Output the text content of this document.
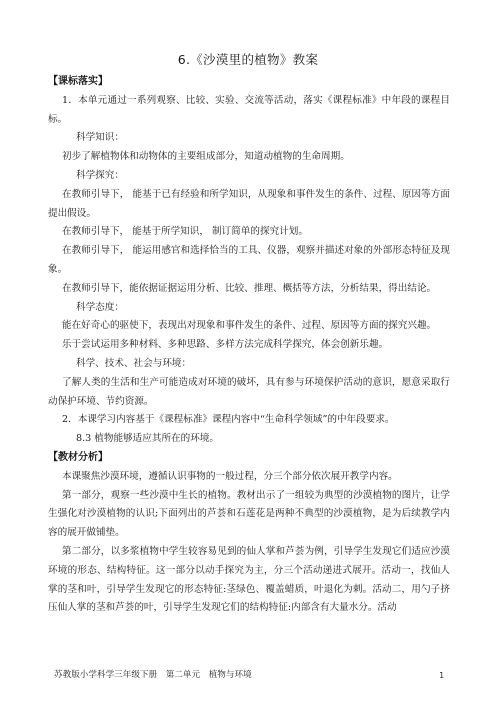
6.《沙漠里的植物》教案
【课标落实】

1．本单元通过一系列观察、比较、实验、交流等活动，落实《课程标准》中年段的课程目标。

科学知识：

初步了解植物体和动物体的主要组成部分，知道动植物的生命周期。

科学探究：

在教师引导下， 能基于已有经验和所学知识，从现象和事件发生的条件、过程、原因等方面提出假设。

在教师引导下， 能基于所学知识， 制订简单的探究计划。

在教师引导下， 能运用感官和选择恰当的工具、仪器，观察并描述对象的外部形态特征及现象。

在教师引导下，能依据证据运用分析、比较、推理、概括等方法，分析结果，得出结论。

科学态度：

能在好奇心的驱使下，表现出对现象和事件发生的条件、过程、原因等方面的探究兴趣。

乐于尝试运用多种材料、多种思路、多样方法完成科学探究，体会创新乐趣。

科学、技术、社会与环境：

了解人类的生活和生产可能造成对环境的破坏，具有参与环境保护活动的意识，愿意采取行动保护环境、节约资源。

2．本课学习内容基于《课程标准》课程内容中“生命科学领域”的中年段要求。

8.3 植物能够适应其所在的环境。

【教材分析】

本课聚焦沙漠环境，遵循认识事物的一般过程，分三个部分依次展开教学内容。

第一部分，观察一些沙漠中生长的植物。教材出示了一组较为典型的沙漠植物的图片，让学生强化对沙漠植物的认识;下面列出的芦荟和石莲花是两种不典型的沙漠植物，是为后续教学内容的展开做铺垫。

第二部分，以多浆植物中学生较容易见到的仙人掌和芦荟为例，引导学生发现它们适应沙漠环境的形态、结构特征。这一部分以动手探究为主，分三个活动递进式展开。活动一，找仙人掌的茎和叶，引导学生发现它的形态特征:茎绿色、覆盖蜡质，叶退化为刺。活动二，用勺子挤压仙人掌的茎和芦荟的叶，引导学生发现它们的结构特征:内部含有大量水分。活动

苏教版小学科学三年级下册　第二单元　植物与环境	1
